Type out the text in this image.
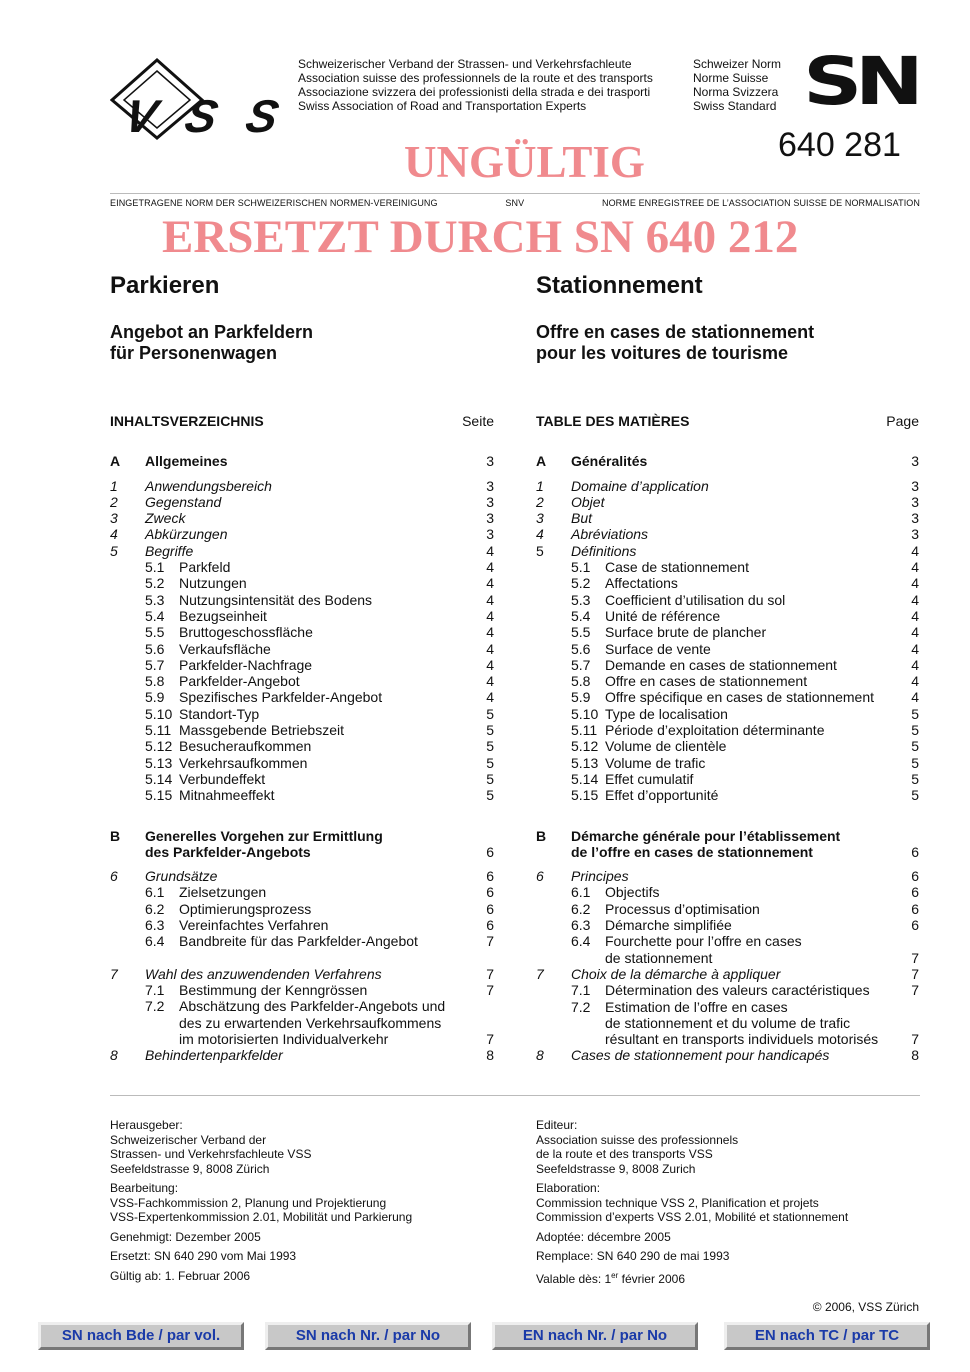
VSS
Schweizerischer Verband der Strassen- und Verkehrsfachleute
Association suisse des professionnels de la route et des transports
Associazione svizzera dei professionisti della strada e dei trasporti
Swiss Association of Road and Transportation Experts
Schweizer Norm
Norme Suisse
Norma Svizzera
Swiss Standard SN
640 281
UNGÜLTIG
EINGETRAGENE NORM DER SCHWEIZERISCHEN NORMEN-VEREINIGUNG	SNV	NORME ENREGISTREE DE L’ASSOCIATION SUISSE DE NORMALISATION
ERSETZT DURCH SN 640 212
Parkieren
Angebot an Parkfeldern
für Personenwagen
Stationnement
Offre en cases de stationnement
pour les voitures de tourisme
INHALTSVERZEICHNIS	Seite
A Allgemeines	3
1 Anwendungsbereich	3
2 Gegenstand	3
3 Zweck	3
4 Abkürzungen	3
5 Begriffe	4
5.1 Parkfeld	4
5.2 Nutzungen	4
5.3 Nutzungsintensität des Bodens	4
5.4 Bezugseinheit	4
5.5 Bruttogeschossfläche	4
5.6 Verkaufsfläche	4
5.7 Parkfelder-Nachfrage	4
5.8 Parkfelder-Angebot	4
5.9 Spezifisches Parkfelder-Angebot	4
5.10 Standort-Typ	5
5.11 Massgebende Betriebszeit	5
5.12 Besucheraufkommen	5
5.13 Verkehrsaufkommen	5
5.14 Verbundeffekt	5
5.15 Mitnahmeeffekt	5
B Generelles Vorgehen zur Ermittlung
des Parkfelder-Angebots	6
6 Grundsätze	6
6.1 Zielsetzungen	6
6.2 Optimierungsprozess	6
6.3 Vereinfachtes Verfahren	6
6.4 Bandbreite für das Parkfelder-Angebot	7
7 Wahl des anzuwendenden Verfahrens	7
7.1 Bestimmung der Kenngrössen	7
7.2 Abschätzung des Parkfelder-Angebots und
des zu erwartenden Verkehrsaufkommens
im motorisierten Individualverkehr	7
8 Behindertenparkfelder	8
TABLE DES MATIÈRES	Page
A Généralités	3
1 Domaine d’application	3
2 Objet	3
3 But	3
4 Abréviations	3
5 Définitions	4
5.1 Case de stationnement	4
5.2 Affectations	4
5.3 Coefficient d’utilisation du sol	4
5.4 Unité de référence	4
5.5 Surface brute de plancher	4
5.6 Surface de vente	4
5.7 Demande en cases de stationnement	4
5.8 Offre en cases de stationnement	4
5.9 Offre spécifique en cases de stationnement	4
5.10 Type de localisation	5
5.11 Période d’exploitation déterminante	5
5.12 Volume de clientèle	5
5.13 Volume de trafic	5
5.14 Effet cumulatif	5
5.15 Effet d’opportunité	5
B Démarche générale pour l’établissement
de l’offre en cases de stationnement	6
6 Principes	6
6.1 Objectifs	6
6.2 Processus d’optimisation	6
6.3 Démarche simplifiée	6
6.4 Fourchette pour l’offre en cases
de stationnement	7
7 Choix de la démarche à appliquer	7
7.1 Détermination des valeurs caractéristiques	7
7.2 Estimation de l’offre en cases
de stationnement et du volume de trafic
résultant en transports individuels motorisés 7
8 Cases de stationnement pour handicapés	8

Herausgeber:
Schweizerischer Verband der
Strassen- und Verkehrsfachleute VSS
Seefeldstrasse 9, 8008 Zürich

Bearbeitung:
VSS-Fachkommission 2, Planung und Projektierung
VSS-Expertenkommission 2.01, Mobilität und Parkierung

Genehmigt: Dezember 2005

Ersetzt: SN 640 290 vom Mai 1993

Gültig ab: 1. Februar 2006

Editeur:
Association suisse des professionnels
de la route et des transports VSS
Seefeldstrasse 9, 8008 Zurich

Elaboration:
Commission technique VSS 2, Planification et projets
Commission d’experts VSS 2.01, Mobilité et stationnement

Adoptée: décembre 2005

Remplace: SN 640 290 de mai 1993

Valable dès: 1er février 2006

© 2006, VSS Zürich
SN nach Bde / par vol.	SN nach Nr. / par No	EN nach Nr. / par No	EN nach TC / par TC
